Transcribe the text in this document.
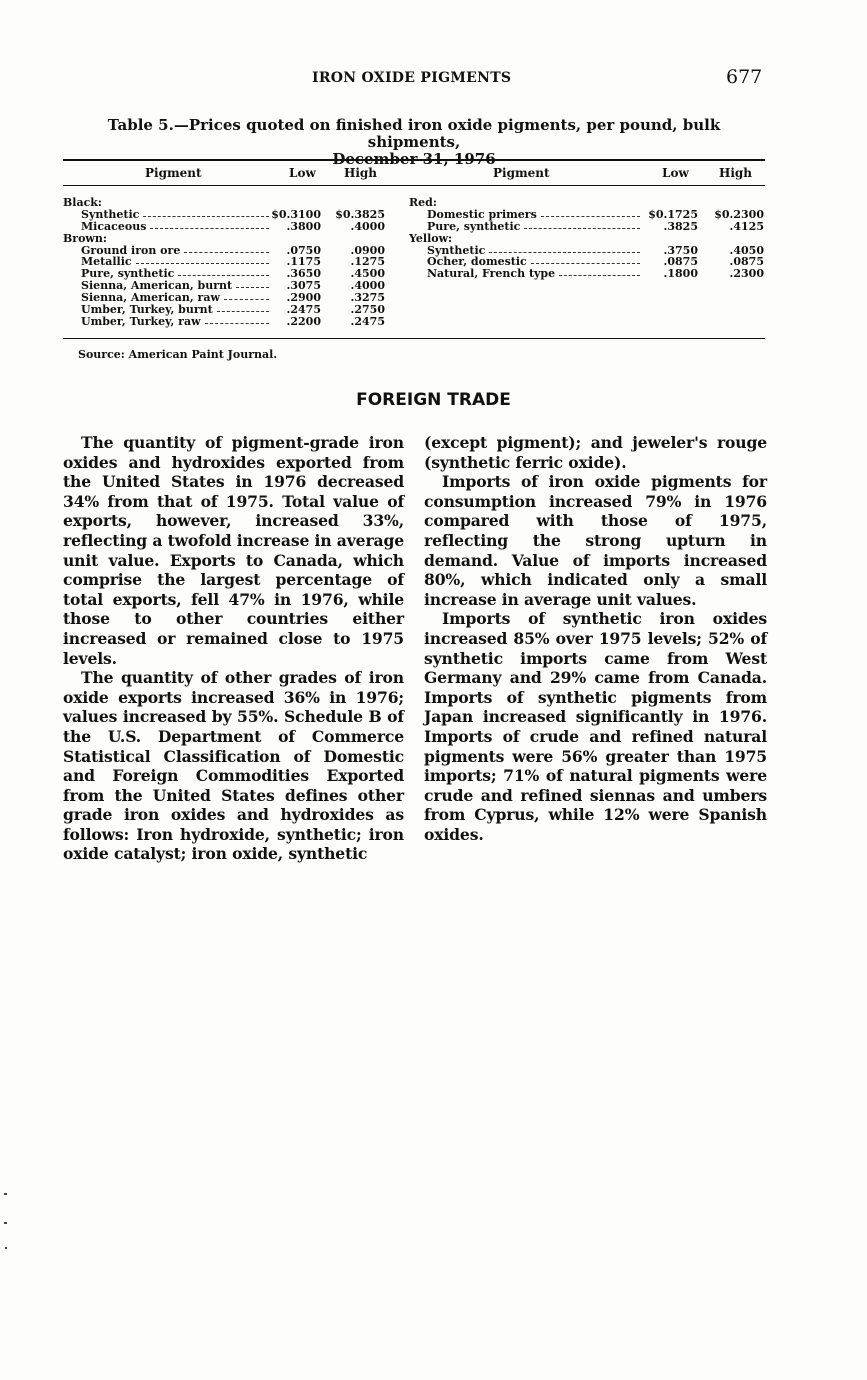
IRON OXIDE PIGMENTS	677
Table 5.—Prices quoted on finished iron oxide pigments, per pound, bulk shipments,
December 31, 1976
Pigment	Low High	Pigment	Low	High
Black:
Synthetic	$0.3100 $0.3825
Micaceous	.3800	.4000
Brown:
Ground iron ore	.0750	.0900
Metallic	.1175	.1275
Pure, synthetic	.3650	.4500
Sienna, American, burnt	.3075	.4000
Sienna, American, raw	.2900	.3275
Umber, Turkey, burnt	.2475	.2750
Umber, Turkey, raw	.2200	.2475
Red:
Domestic primers	$0.1725 $0.2300
Pure, synthetic	.3825	.4125
Yellow:
Synthetic	.3750	.4050
Ocher, domestic	.0875	.0875
Natural, French type	.1800	.2300
Source: American Paint Journal.
FOREIGN TRADE

The quantity of pigment-grade iron oxides and hydroxides exported from the United States in 1976 decreased 34% from that of 1975. Total value of exports, however, increased 33%, reflecting a twofold increase in average unit value. Exports to Canada, which comprise the largest percentage of total exports, fell 47% in 1976, while those to other countries either increased or remained close to 1975 levels.

The quantity of other grades of iron oxide exports increased 36% in 1976; values increased by 55%. Schedule B of the U.S. Department of Commerce Statistical Classification of Domestic and Foreign Commodities Exported from the United States defines other grade iron oxides and hydroxides as follows: Iron hydroxide, synthetic; iron oxide catalyst; iron oxide, synthetic

(except pigment); and jeweler's rouge (synthetic ferric oxide).

Imports of iron oxide pigments for consumption increased 79% in 1976 compared with those of 1975, reflecting the strong upturn in demand. Value of imports increased 80%, which indicated only a small increase in average unit values.

Imports of synthetic iron oxides increased 85% over 1975 levels; 52% of synthetic imports came from West Germany and 29% came from Canada. Imports of synthetic pigments from Japan increased significantly in 1976. Imports of crude and refined natural pigments were 56% greater than 1975 imports; 71% of natural pigments were crude and refined siennas and umbers from Cyprus, while 12% were Spanish oxides.
